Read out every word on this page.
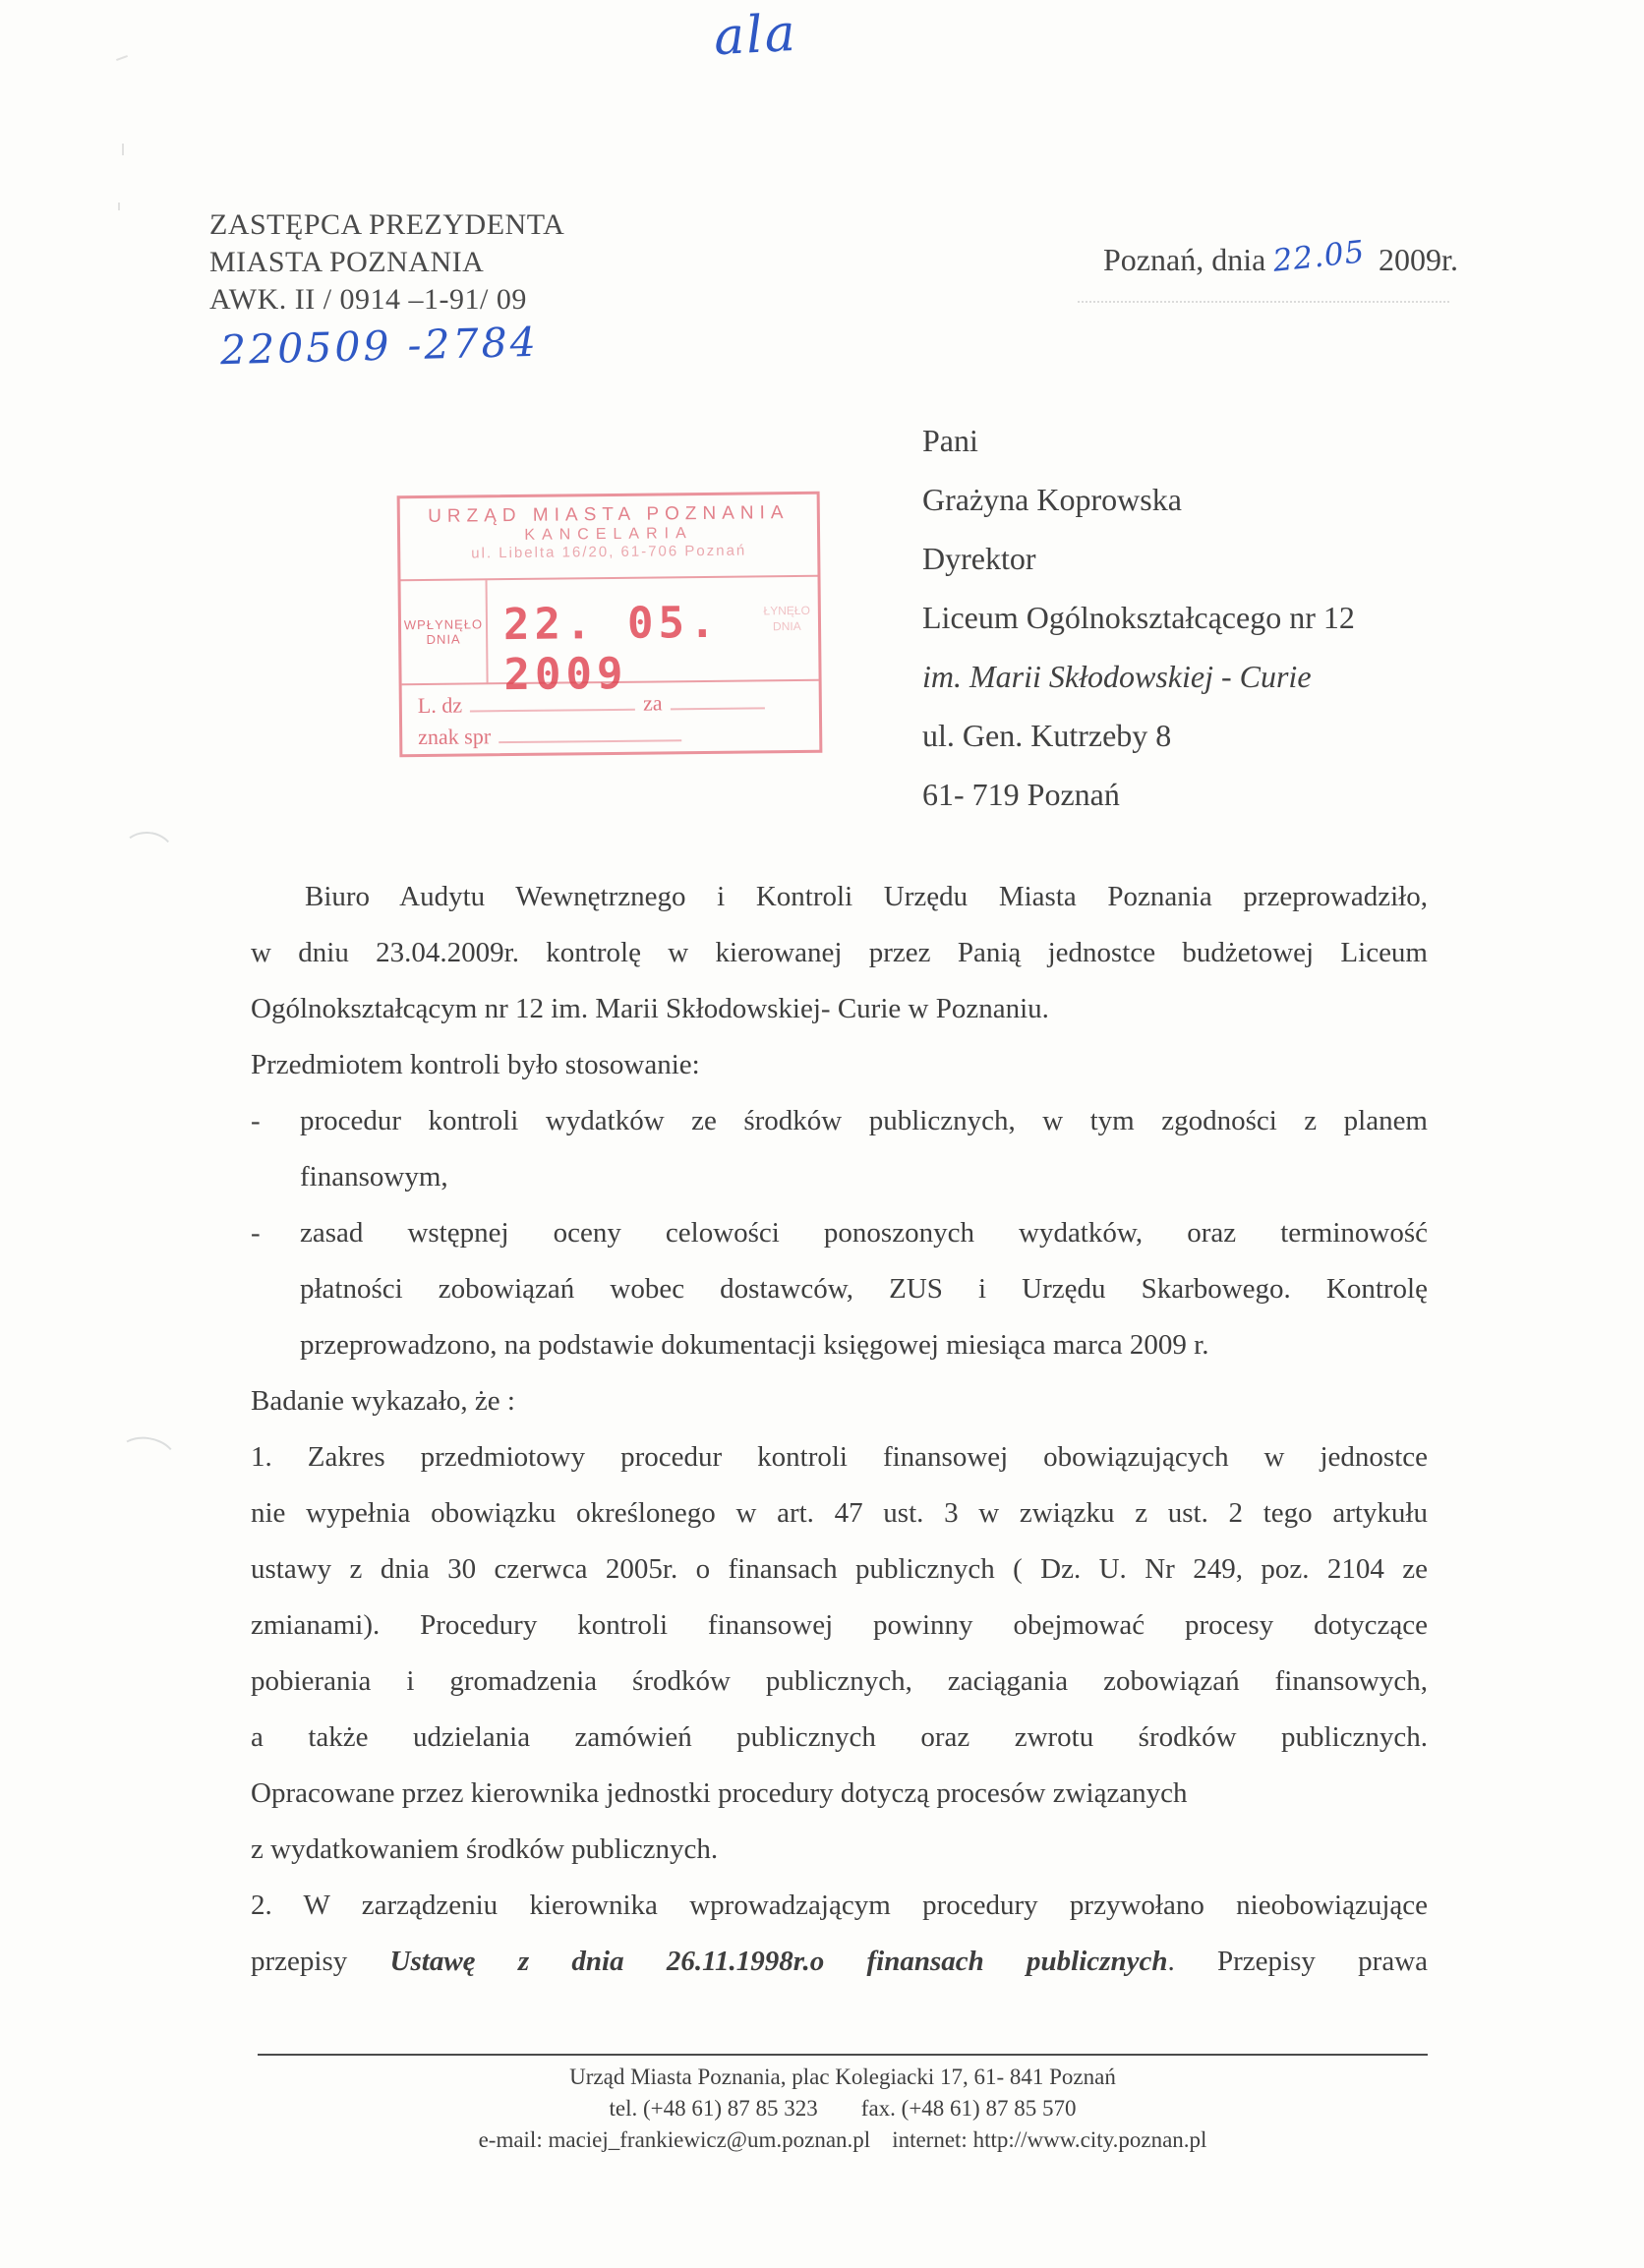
ala
ZASTĘPCA PREZYDENTA
MIASTA POZNANIA
AWK. II / 0914 –1-91/ 09
220509 -2784
Poznań, dnia 22.05 2009r.
URZĄD MIASTA POZNANIA
KANCELARIA
ul. Libelta 16/20, 61-706 Poznań
WPŁYNĘŁO
DNIA 22. 05. 2009
ŁYNĘŁO
DNIA
L. dz	za
znak spr
Pani
Grażyna Koprowska
Dyrektor
Liceum Ogólnokształcącego nr 12
im. Marii Skłodowskiej - Curie
ul. Gen. Kutrzeby 8
61- 719 Poznań
Biuro Audytu Wewnętrznego i Kontroli Urzędu Miasta Poznania przeprowadziło,
w dniu 23.04.2009r. kontrolę w kierowanej przez Panią jednostce budżetowej Liceum
Ogólnokształcącym nr 12 im. Marii Skłodowskiej- Curie w Poznaniu.
Przedmiotem kontroli było stosowanie:
- procedur kontroli wydatków ze środków publicznych, w tym zgodności z planem
finansowym,
- zasad wstępnej oceny celowości ponoszonych wydatków, oraz terminowość
płatności zobowiązań wobec dostawców, ZUS i Urzędu Skarbowego. Kontrolę
przeprowadzono, na podstawie dokumentacji księgowej miesiąca marca 2009 r.
Badanie wykazało, że :
1. Zakres przedmiotowy procedur kontroli finansowej obowiązujących w jednostce
nie wypełnia obowiązku określonego w art. 47 ust. 3 w związku z ust. 2 tego artykułu
ustawy z dnia 30 czerwca 2005r. o finansach publicznych ( Dz. U. Nr 249, poz. 2104 ze
zmianami). Procedury kontroli finansowej powinny obejmować procesy dotyczące
pobierania i gromadzenia środków publicznych, zaciągania zobowiązań finansowych,
a także udzielania zamówień publicznych oraz zwrotu środków publicznych.
Opracowane przez kierownika jednostki procedury dotyczą procesów związanych
z wydatkowaniem środków publicznych.
2. W zarządzeniu kierownika wprowadzającym procedury przywołano nieobowiązujące
przepisy Ustawę z dnia 26.11.1998r.o finansach publicznych. Przepisy prawa
Urząd Miasta Poznania, plac Kolegiacki 17, 61- 841 Poznań
tel. (+48 61) 87 85 323 fax. (+48 61) 87 85 570
e-mail: maciej_frankiewicz@um.poznan.pl internet: http://www.city.poznan.pl
